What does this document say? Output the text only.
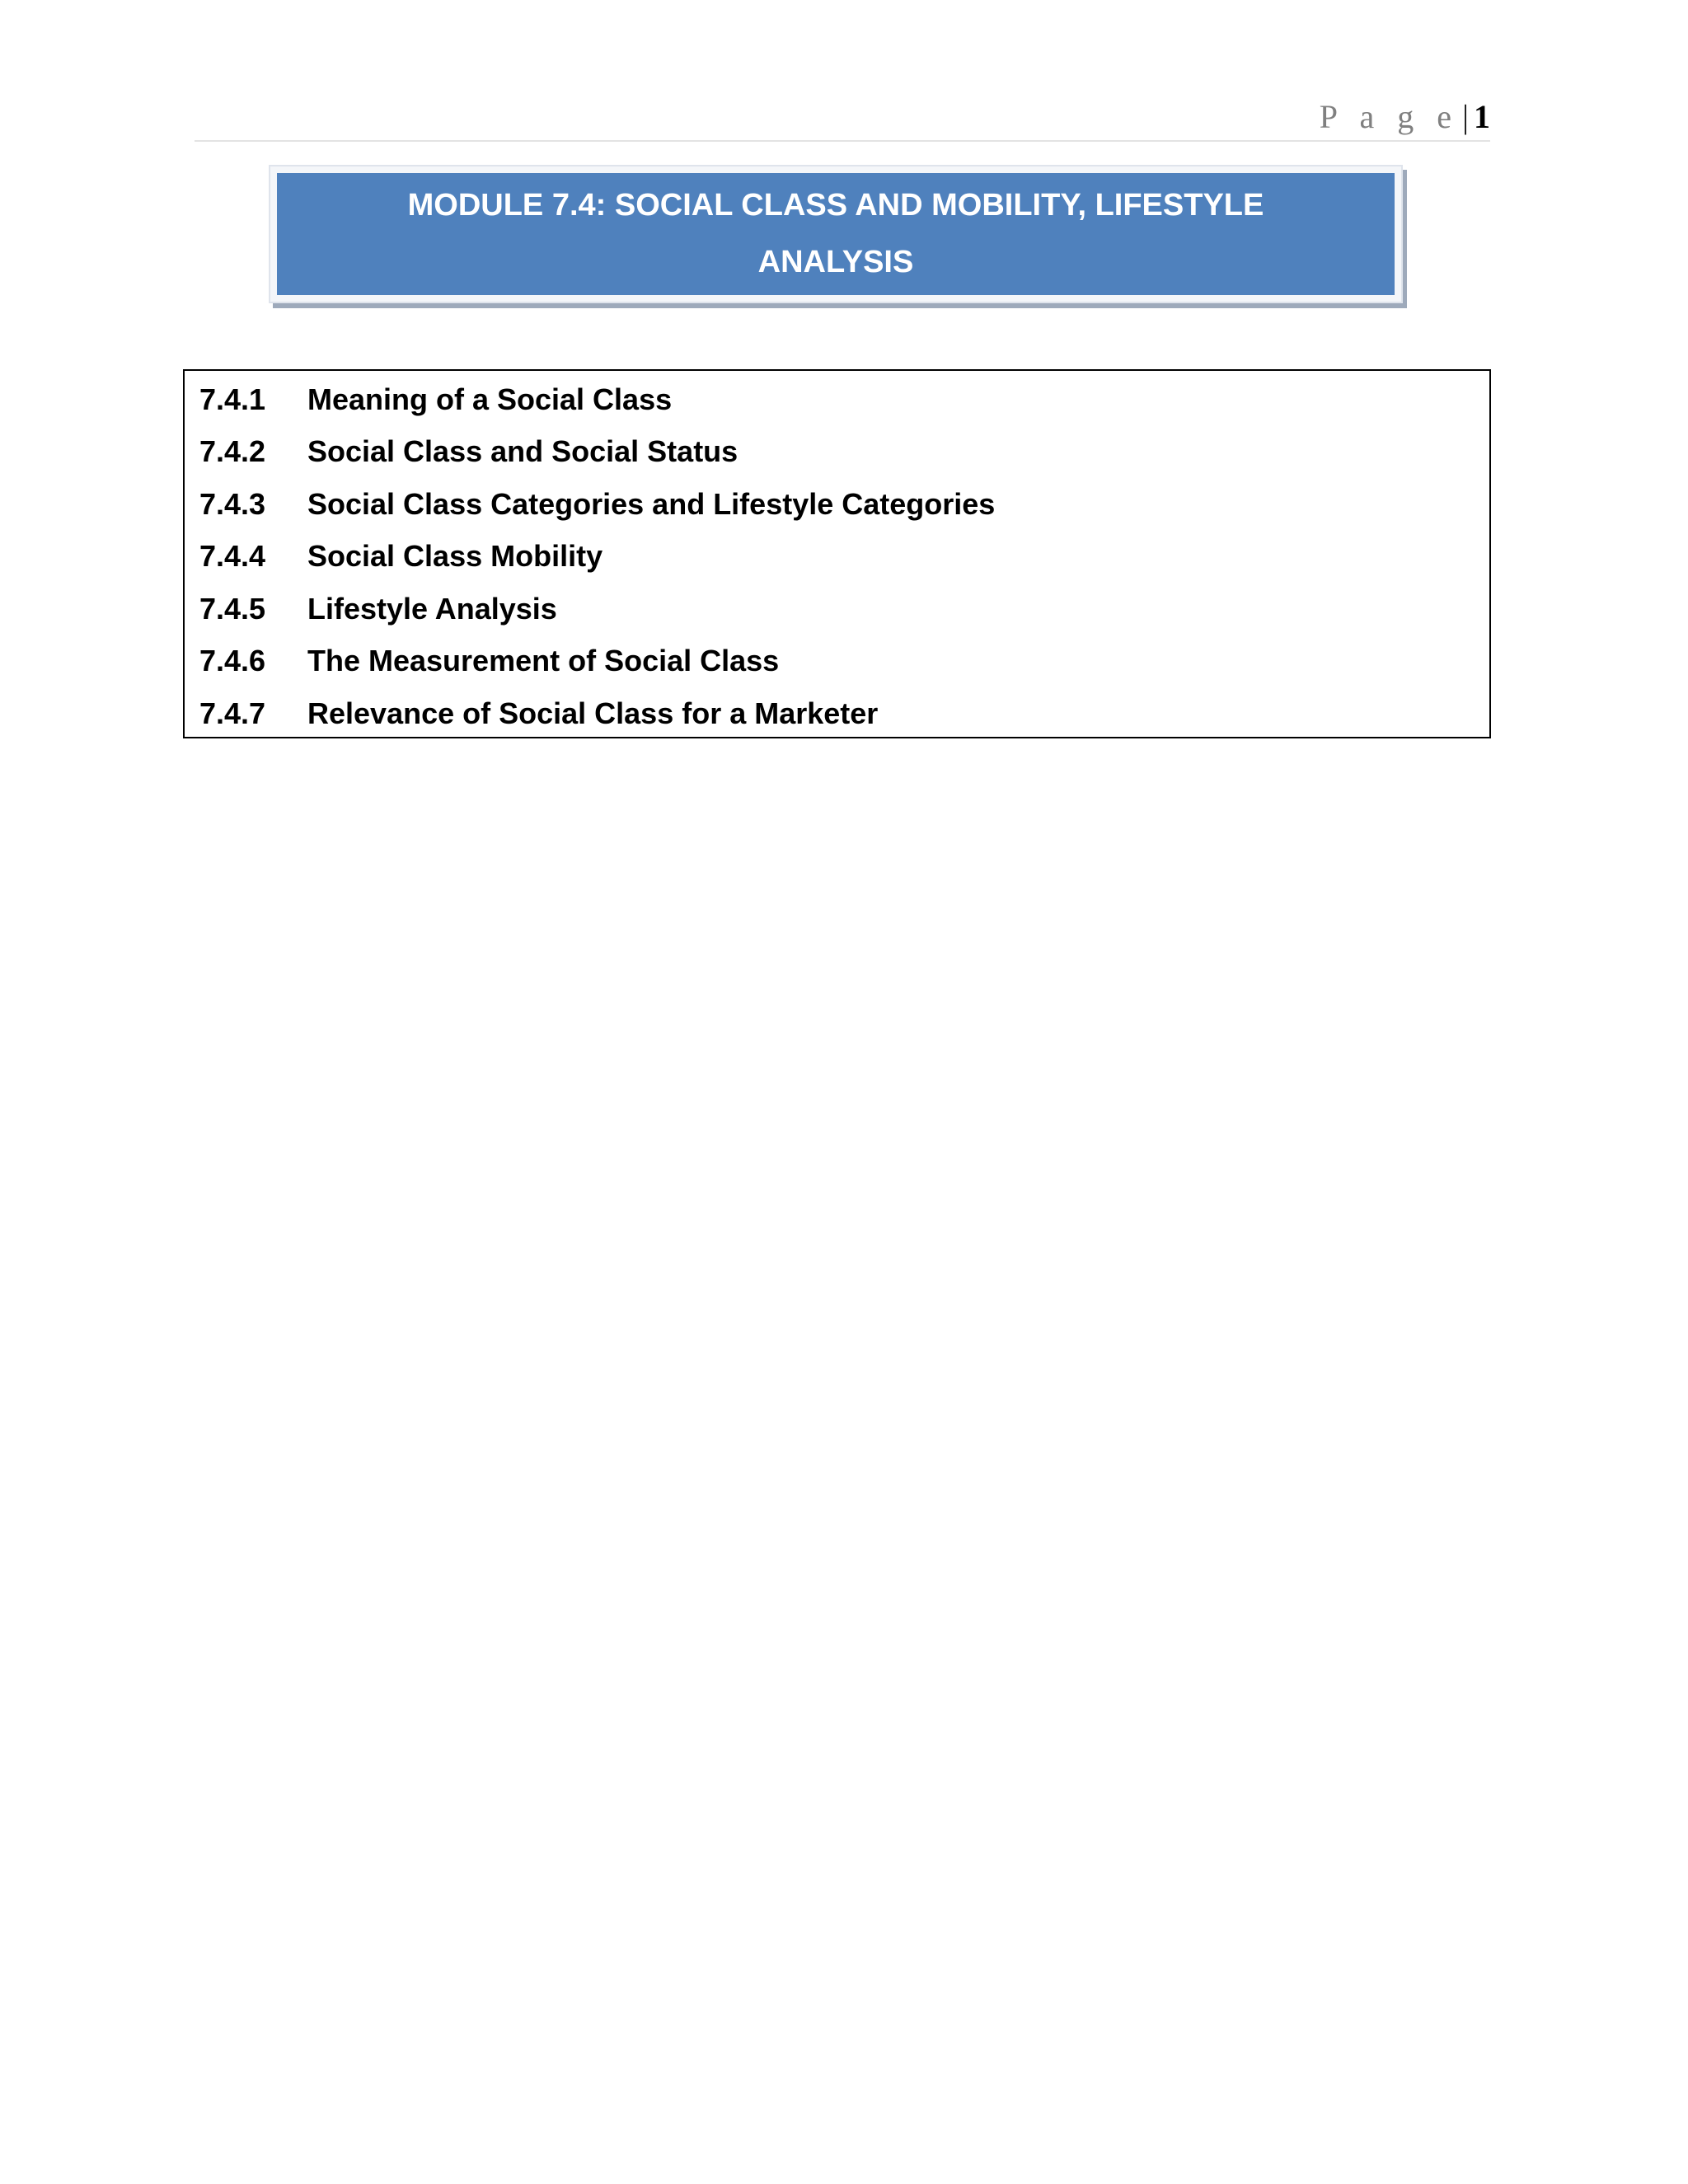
P a g e | 1
MODULE 7.4: SOCIAL CLASS AND MOBILITY, LIFESTYLE ANALYSIS
7.4.1	Meaning of a Social Class
7.4.2	Social Class and Social Status
7.4.3	Social Class Categories and Lifestyle Categories
7.4.4	Social Class Mobility
7.4.5	Lifestyle Analysis
7.4.6	The Measurement of Social Class
7.4.7	Relevance of Social Class for a Marketer
